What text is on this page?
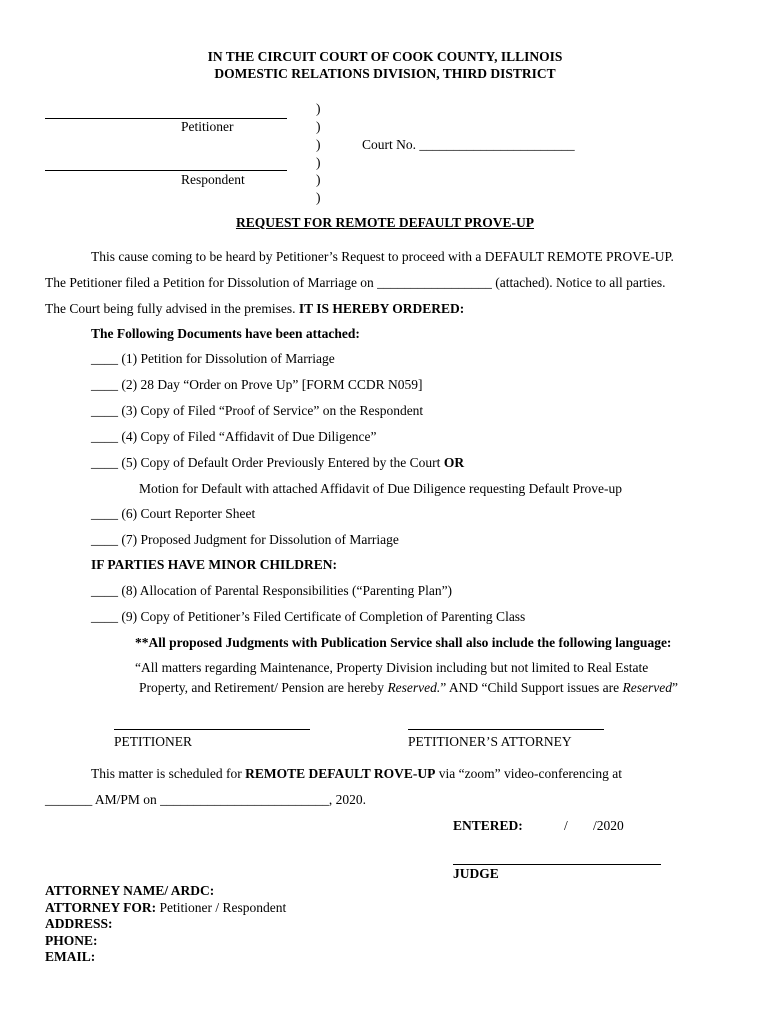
IN THE CIRCUIT COURT OF COOK COUNTY, ILLINOIS
DOMESTIC RELATIONS DIVISION, THIRD DISTRICT
Petitioner
Respondent
)
)
)
)
)
)
Court No. _______________________
REQUEST FOR REMOTE DEFAULT PROVE-UP
This cause coming to be heard by Petitioner’s Request to proceed with a DEFAULT REMOTE PROVE-UP.
The Petitioner filed a Petition for Dissolution of Marriage on _________________ (attached). Notice to all parties.
The Court being fully advised in the premises. IT IS HEREBY ORDERED:
The Following Documents have been attached:
____ (1) Petition for Dissolution of Marriage
____ (2) 28 Day “Order on Prove Up” [FORM CCDR N059]
____ (3) Copy of Filed “Proof of Service” on the Respondent
____ (4) Copy of Filed “Affidavit of Due Diligence”
____ (5) Copy of Default Order Previously Entered by the Court OR
Motion for Default with attached Affidavit of Due Diligence requesting Default Prove-up
____ (6) Court Reporter Sheet
____ (7) Proposed Judgment for Dissolution of Marriage
IF PARTIES HAVE MINOR CHILDREN:
____ (8) Allocation of Parental Responsibilities (“Parenting Plan”)
____ (9) Copy of Petitioner’s Filed Certificate of Completion of Parenting Class
**All proposed Judgments with Publication Service shall also include the following language:
“All matters regarding Maintenance, Property Division including but not limited to Real Estate
Property, and Retirement/ Pension are hereby Reserved.” AND “Child Support issues are Reserved”
PETITIONER	PETITIONER’S ATTORNEY
This matter is scheduled for REMOTE DEFAULT ROVE-UP via “zoom” video-conferencing at
_______ AM/PM on _________________________, 2020.
ENTERED:	/ /2020
JUDGE
ATTORNEY NAME/ ARDC:
ATTORNEY FOR: Petitioner / Respondent
ADDRESS:
PHONE:
EMAIL:
